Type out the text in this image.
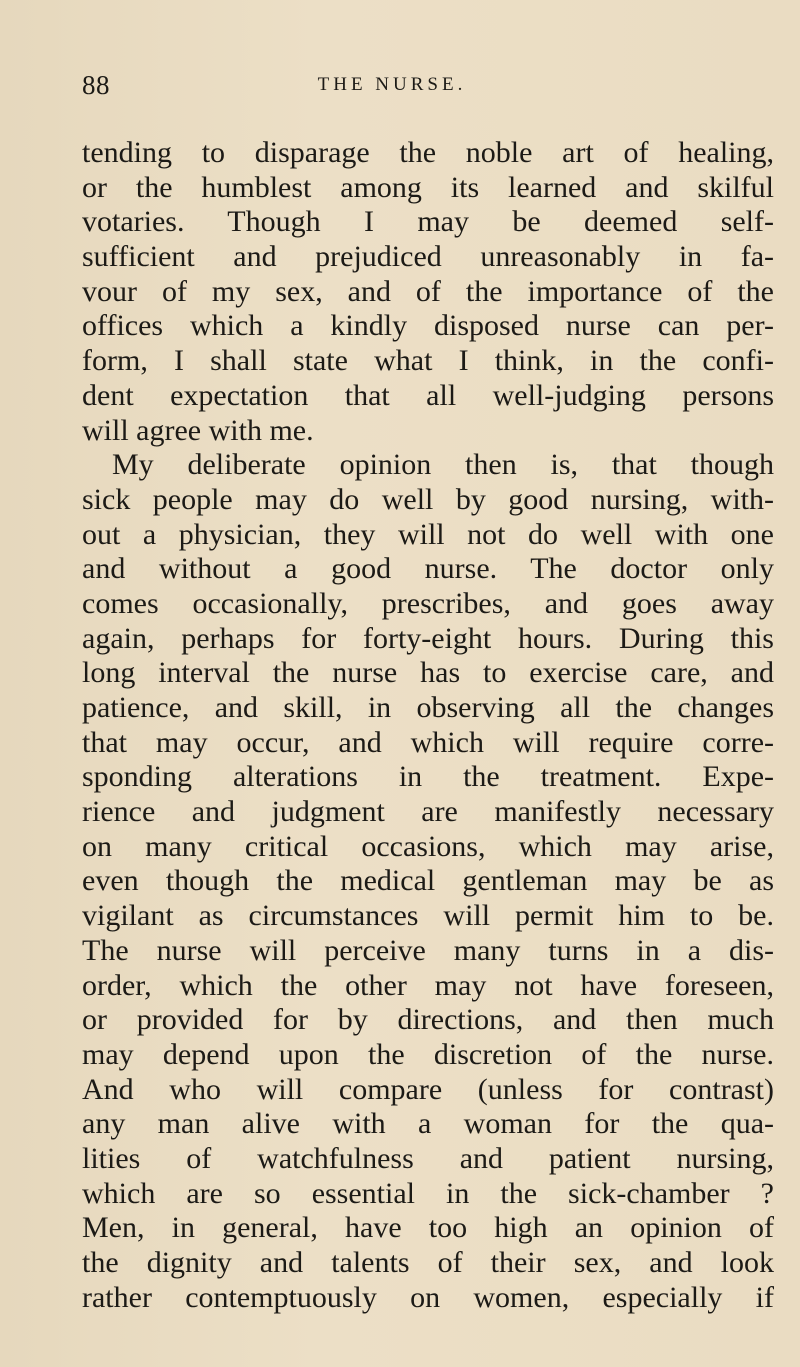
88	THE NURSE.
tending to disparage the noble art of healing,
or the humblest among its learned and skilful
votaries. Though I may be deemed self-
sufficient and prejudiced unreasonably in fa-
vour of my sex, and of the importance of the
offices which a kindly disposed nurse can per-
form, I shall state what I think, in the confi-
dent expectation that all well-judging persons
will agree with me.
My deliberate opinion then is, that though
sick people may do well by good nursing, with-
out a physician, they will not do well with one
and without a good nurse. The doctor only
comes occasionally, prescribes, and goes away
again, perhaps for forty-eight hours. During this
long interval the nurse has to exercise care, and
patience, and skill, in observing all the changes
that may occur, and which will require corre-
sponding alterations in the treatment. Expe-
rience and judgment are manifestly necessary
on many critical occasions, which may arise,
even though the medical gentleman may be as
vigilant as circumstances will permit him to be.
The nurse will perceive many turns in a dis-
order, which the other may not have foreseen,
or provided for by directions, and then much
may depend upon the discretion of the nurse.
And who will compare (unless for contrast)
any man alive with a woman for the qua-
lities of watchfulness and patient nursing,
which are so essential in the sick-chamber ?
Men, in general, have too high an opinion of
the dignity and talents of their sex, and look
rather contemptuously on women, especially if
